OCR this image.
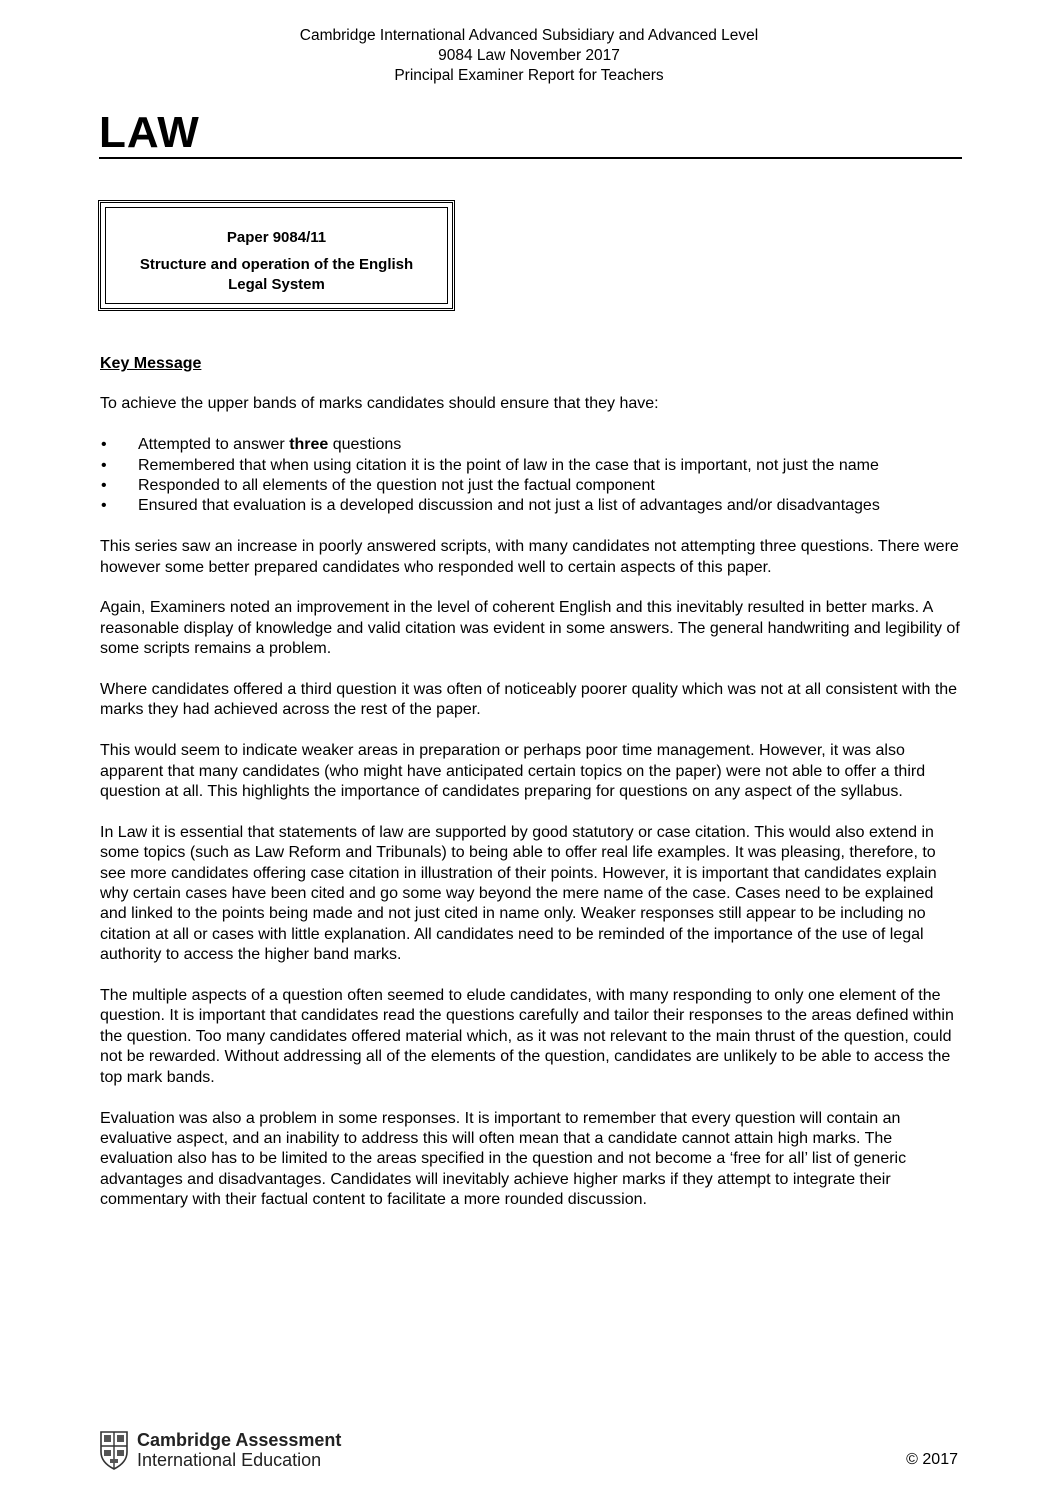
Cambridge International Advanced Subsidiary and Advanced Level
9084 Law November 2017
Principal Examiner Report for Teachers
LAW
Paper 9084/11
Structure and operation of the English
Legal System
Key Message

To achieve the upper bands of marks candidates should ensure that they have:

• Attempted to answer three questions
• Remembered that when using citation it is the point of law in the case that is important, not just the name
• Responded to all elements of the question not just the factual component
• Ensured that evaluation is a developed discussion and not just a list of advantages and/or disadvantages

This series saw an increase in poorly answered scripts, with many candidates not attempting three questions. There were however some better prepared candidates who responded well to certain aspects of this paper.

Again, Examiners noted an improvement in the level of coherent English and this inevitably resulted in better marks. A reasonable display of knowledge and valid citation was evident in some answers. The general handwriting and legibility of some scripts remains a problem.

Where candidates offered a third question it was often of noticeably poorer quality which was not at all consistent with the marks they had achieved across the rest of the paper.

This would seem to indicate weaker areas in preparation or perhaps poor time management. However, it was also apparent that many candidates (who might have anticipated certain topics on the paper) were not able to offer a third question at all. This highlights the importance of candidates preparing for questions on any aspect of the syllabus.

In Law it is essential that statements of law are supported by good statutory or case citation. This would also extend in some topics (such as Law Reform and Tribunals) to being able to offer real life examples. It was pleasing, therefore, to see more candidates offering case citation in illustration of their points. However, it is important that candidates explain why certain cases have been cited and go some way beyond the mere name of the case. Cases need to be explained and linked to the points being made and not just cited in name only. Weaker responses still appear to be including no citation at all or cases with little explanation. All candidates need to be reminded of the importance of the use of legal authority to access the higher band marks.

The multiple aspects of a question often seemed to elude candidates, with many responding to only one element of the question. It is important that candidates read the questions carefully and tailor their responses to the areas defined within the question. Too many candidates offered material which, as it was not relevant to the main thrust of the question, could not be rewarded. Without addressing all of the elements of the question, candidates are unlikely to be able to access the top mark bands.

Evaluation was also a problem in some responses. It is important to remember that every question will contain an evaluative aspect, and an inability to address this will often mean that a candidate cannot attain high marks. The evaluation also has to be limited to the areas specified in the question and not become a ‘free for all’ list of generic advantages and disadvantages. Candidates will inevitably achieve higher marks if they attempt to integrate their commentary with their factual content to facilitate a more rounded discussion.

Cambridge Assessment
International Education	© 2017
